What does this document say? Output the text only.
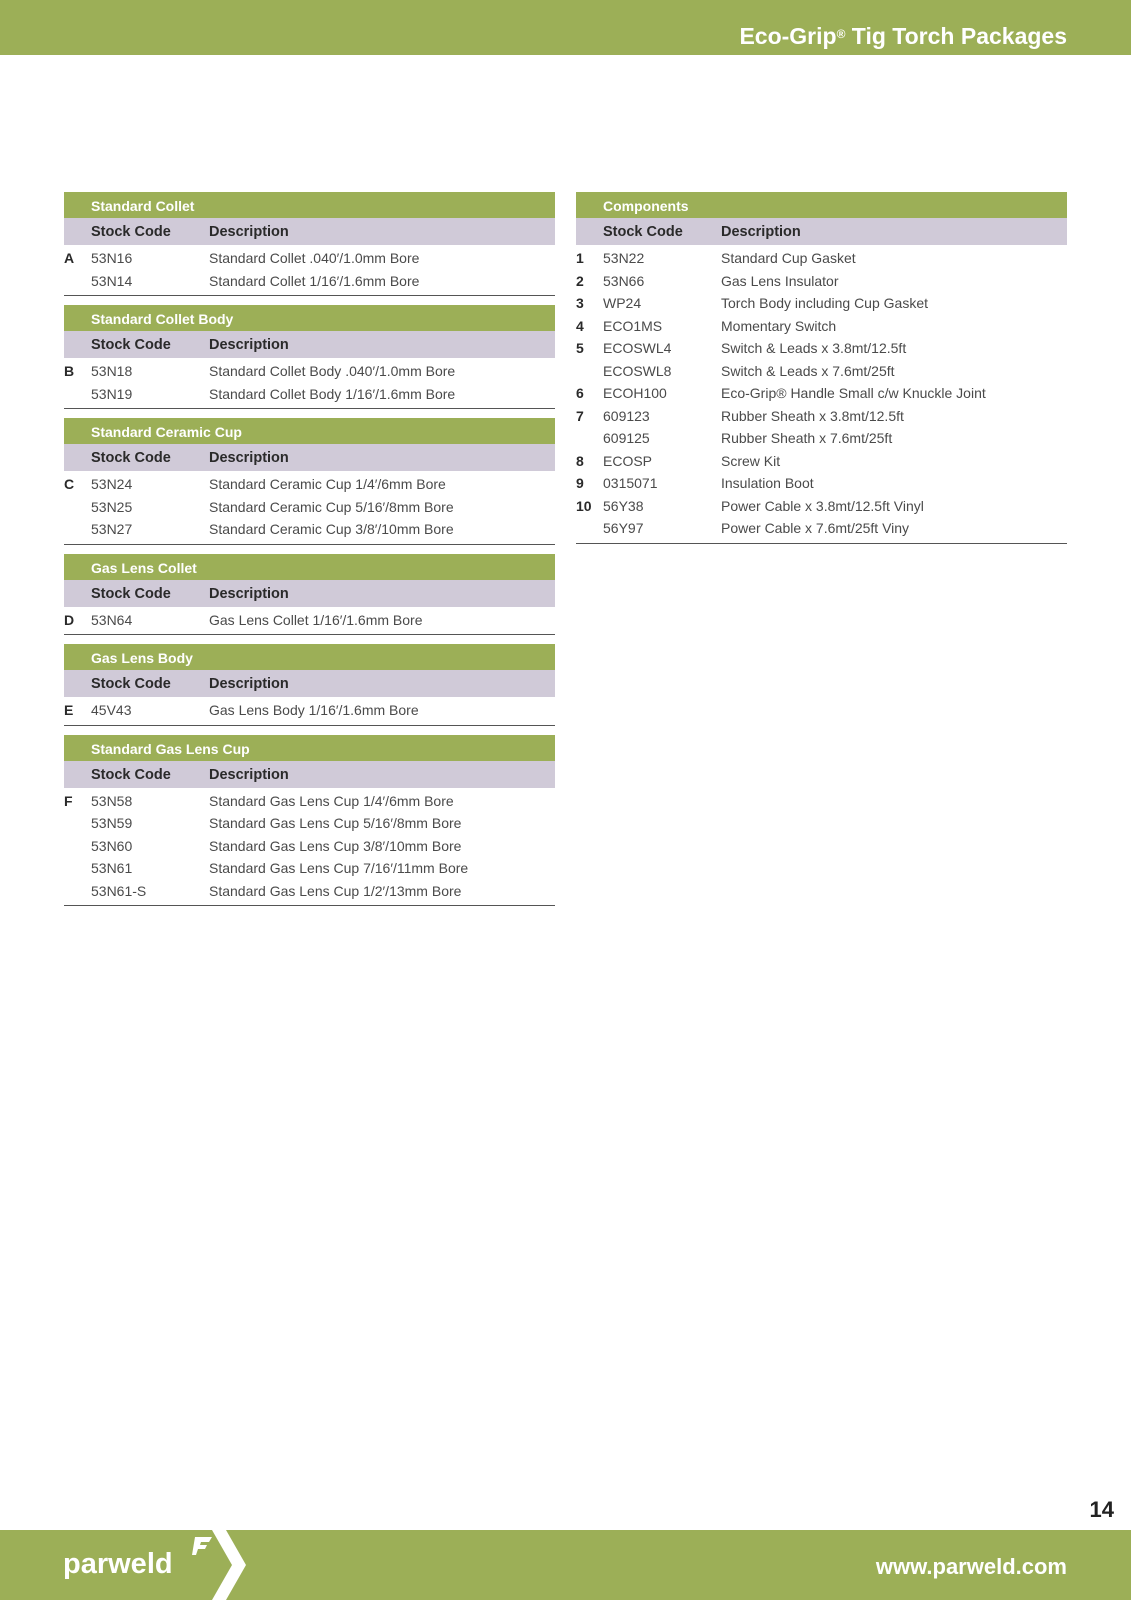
Eco-Grip® Tig Torch Packages
Standard Collet
Stock Code	Description
A 53N16	Standard Collet .040′/1.0mm Bore
53N14	Standard Collet 1/16′/1.6mm Bore
Standard Collet Body
Stock Code	Description
B 53N18	Standard Collet Body .040′/1.0mm Bore
53N19	Standard Collet Body 1/16′/1.6mm Bore
Standard Ceramic Cup
Stock Code	Description
C 53N24	Standard Ceramic Cup 1/4′/6mm Bore
53N25	Standard Ceramic Cup 5/16′/8mm Bore
53N27	Standard Ceramic Cup 3/8′/10mm Bore
Gas Lens Collet
Stock Code	Description
D 53N64	Gas Lens Collet 1/16′/1.6mm Bore
Gas Lens Body
Stock Code	Description
E 45V43	Gas Lens Body 1/16′/1.6mm Bore
Standard Gas Lens Cup
Stock Code	Description
F 53N58	Standard Gas Lens Cup 1/4′/6mm Bore
53N59	Standard Gas Lens Cup 5/16′/8mm Bore
53N60	Standard Gas Lens Cup 3/8′/10mm Bore
53N61	Standard Gas Lens Cup 7/16′/11mm Bore
53N61-S	Standard Gas Lens Cup 1/2′/13mm Bore
Components
Stock Code	Description
1 53N22	Standard Cup Gasket
2 53N66	Gas Lens Insulator
3 WP24	Torch Body including Cup Gasket
4 ECO1MS	Momentary Switch
5 ECOSWL4	Switch & Leads x 3.8mt/12.5ft
ECOSWL8	Switch & Leads x 7.6mt/25ft
6 ECOH100	Eco-Grip® Handle Small c/w Knuckle Joint
7 609123	Rubber Sheath x 3.8mt/12.5ft
609125	Rubber Sheath x 7.6mt/25ft
8 ECOSP	Screw Kit
9 0315071	Insulation Boot
10 56Y38	Power Cable x 3.8mt/12.5ft Vinyl
56Y97	Power Cable x 7.6mt/25ft Viny
14
parweld	www.parweld.com
